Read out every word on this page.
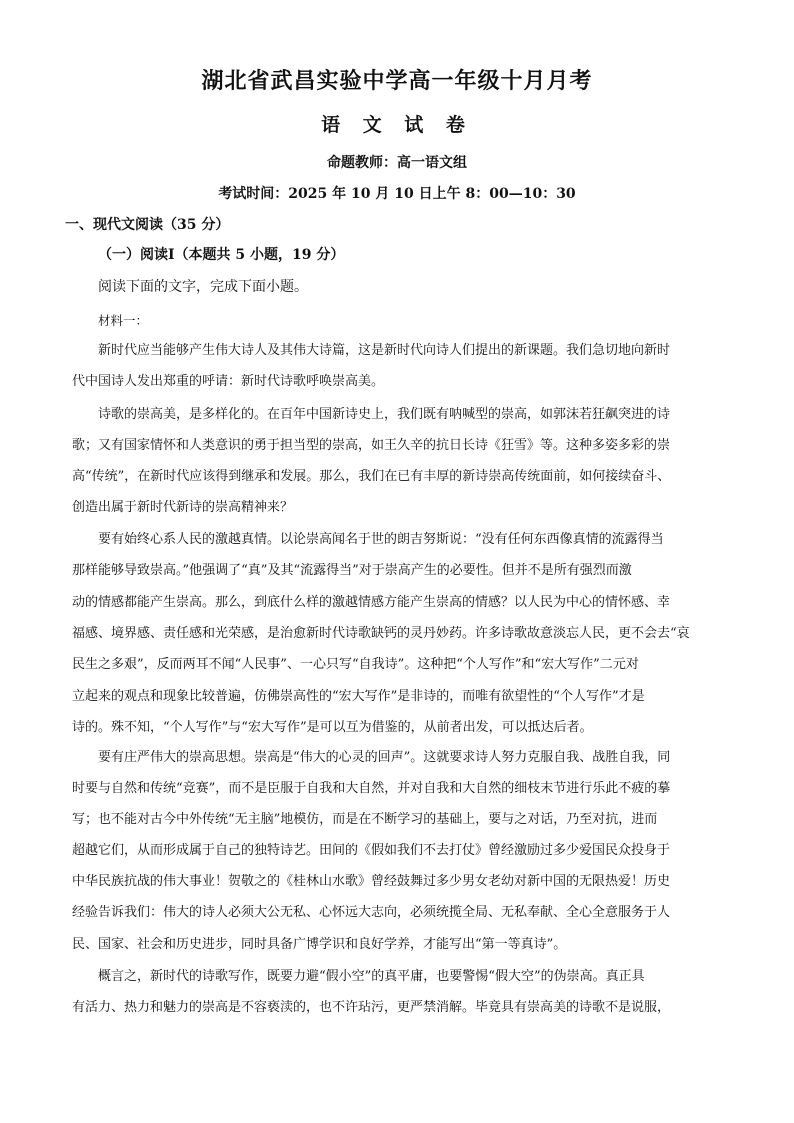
湖北省武昌实验中学高一年级十月月考
语 文 试 卷
命题教师：高一语文组
考试时间：2025 年 10 月 10 日上午 8：00—10：30
一、现代文阅读（35 分）
（一）阅读Ⅰ（本题共 5 小题，19 分）
阅读下面的文字，完成下面小题。
材料一：
新时代应当能够产生伟大诗人及其伟大诗篇，这是新时代向诗人们提出的新课题。我们急切地向新时
代中国诗人发出郑重的呼请：新时代诗歌呼唤崇高美。
诗歌的崇高美，是多样化的。在百年中国新诗史上，我们既有呐喊型的崇高，如郭沫若狂飙突进的诗
歌；又有国家情怀和人类意识的勇于担当型的崇高，如王久辛的抗日长诗《狂雪》等。这种多姿多彩的崇
高“传统”，在新时代应该得到继承和发展。那么，我们在已有丰厚的新诗崇高传统面前，如何接续奋斗、
创造出属于新时代新诗的崇高精神来？
要有始终心系人民的激越真情。以论崇高闻名于世的朗吉努斯说：“没有任何东西像真情的流露得当
那样能够导致崇高。”他强调了“真”及其“流露得当”对于崇高产生的必要性。但并不是所有强烈而激
动的情感都能产生崇高。那么，到底什么样的激越情感方能产生崇高的情感？以人民为中心的情怀感、幸
福感、境界感、责任感和光荣感，是治愈新时代诗歌缺钙的灵丹妙药。许多诗歌故意淡忘人民，更不会去“哀
民生之多艰”，反而两耳不闻“人民事”、一心只写“自我诗”。这种把“个人写作”和“宏大写作”二元对
立起来的观点和现象比较普遍，仿佛崇高性的“宏大写作”是非诗的，而唯有欲望性的“个人写作”才是
诗的。殊不知，“个人写作”与“宏大写作”是可以互为借鉴的，从前者出发，可以抵达后者。
要有庄严伟大的崇高思想。崇高是“伟大的心灵的回声”。这就要求诗人努力克服自我、战胜自我，同
时要与自然和传统“竞赛”，而不是臣服于自我和大自然，并对自我和大自然的细枝末节进行乐此不疲的摹
写；也不能对古今中外传统“无主脑”地模仿，而是在不断学习的基础上，要与之对话，乃至对抗，进而
超越它们，从而形成属于自己的独特诗艺。田间的《假如我们不去打仗》曾经激励过多少爱国民众投身于
中华民族抗战的伟大事业！贺敬之的《桂林山水歌》曾经鼓舞过多少男女老幼对新中国的无限热爱！历史
经验告诉我们：伟大的诗人必须大公无私、心怀远大志向，必须统揽全局、无私奉献、全心全意服务于人
民、国家、社会和历史进步，同时具备广博学识和良好学养，才能写出“第一等真诗”。
概言之，新时代的诗歌写作，既要力避“假小空”的真平庸，也要警惕“假大空”的伪崇高。真正具
有活力、热力和魅力的崇高是不容亵渎的，也不许玷污，更严禁消解。毕竟具有崇高美的诗歌不是说服，
